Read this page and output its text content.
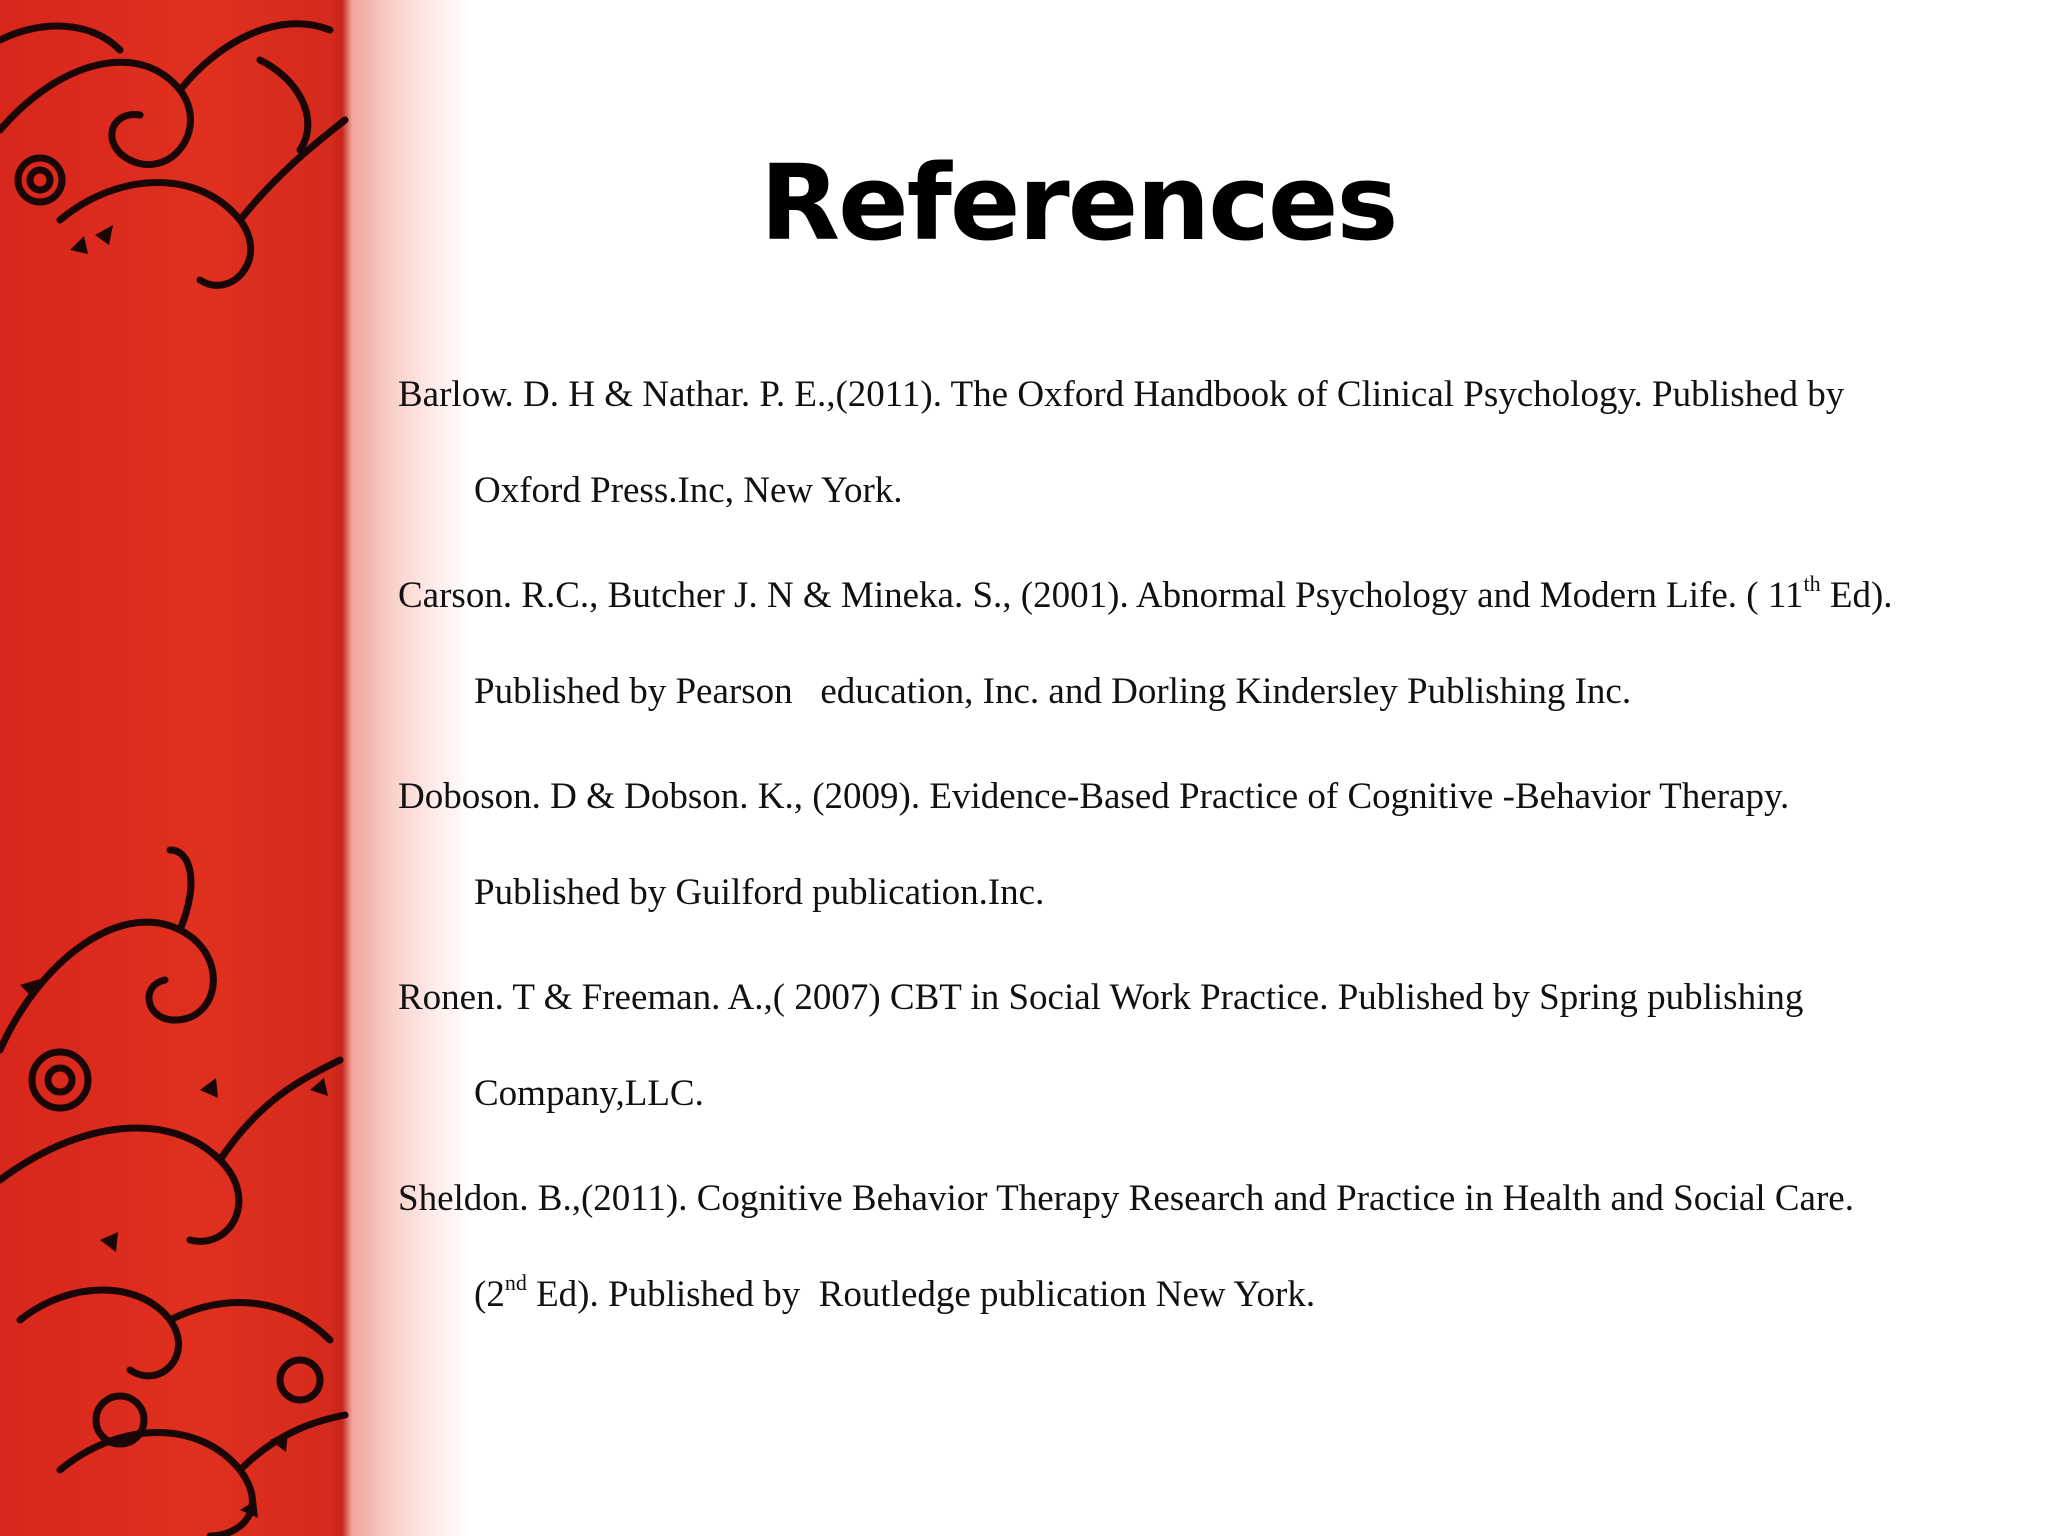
References
Barlow. D. H & Nathar. P. E.,(2011). The Oxford Handbook of Clinical Psychology. Published by
Oxford Press.Inc, New York.
Carson. R.C., Butcher J. N & Mineka. S., (2001). Abnormal Psychology and Modern Life. ( 11th Ed).
Published by Pearson   education, Inc. and Dorling Kindersley Publishing Inc.
Doboson. D & Dobson. K., (2009). Evidence-Based Practice of Cognitive -Behavior Therapy.
Published by Guilford publication.Inc.
Ronen. T & Freeman. A.,( 2007) CBT in Social Work Practice. Published by Spring publishing
Company,LLC.
Sheldon. B.,(2011). Cognitive Behavior Therapy Research and Practice in Health and Social Care.
(2nd Ed). Published by  Routledge publication New York.
